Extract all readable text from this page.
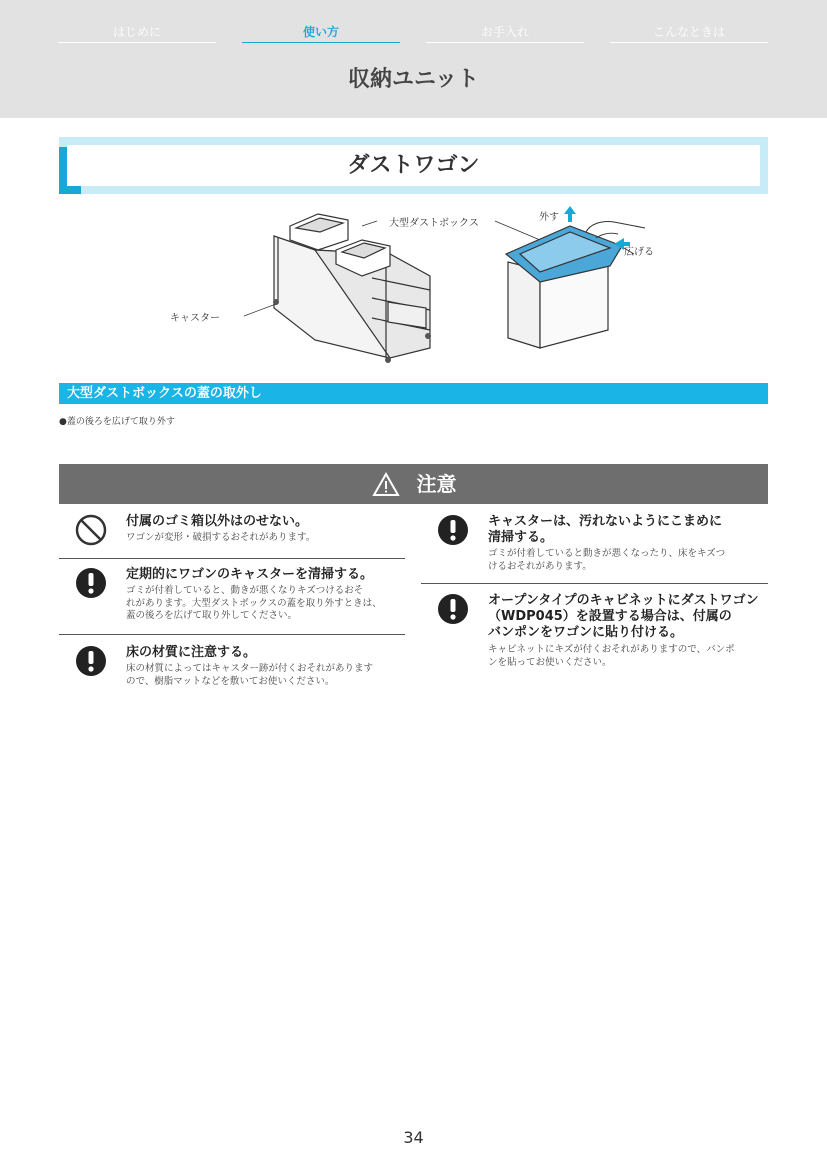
はじめに	使い方	お手入れ	こんなときは
収納ユニット
ダストワゴン
大型ダストボックス
キャスター
外す
広げる
大型ダストボックスの蓋の取外し
●蓋の後ろを広げて取り外す
注意
付属のゴミ箱以外はのせない。
ワゴンが変形・破損するおそれがあります。
定期的にワゴンのキャスターを清掃する。
ゴミが付着していると、動きが悪くなりキズつけるおそ
れがあります。大型ダストボックスの蓋を取り外すときは、
蓋の後ろを広げて取り外してください。
床の材質に注意する。
床の材質によってはキャスター跡が付くおそれがあります
ので、樹脂マットなどを敷いてお使いください。
キャスターは、汚れないようにこまめに
清掃する。
ゴミが付着していると動きが悪くなったり、床をキズつ
けるおそれがあります。
オープンタイプのキャビネットにダストワゴン
（WDP045）を設置する場合は、付属の
バンポンをワゴンに貼り付ける。
キャビネットにキズが付くおそれがありますので、バンポ
ンを貼ってお使いください。
34
